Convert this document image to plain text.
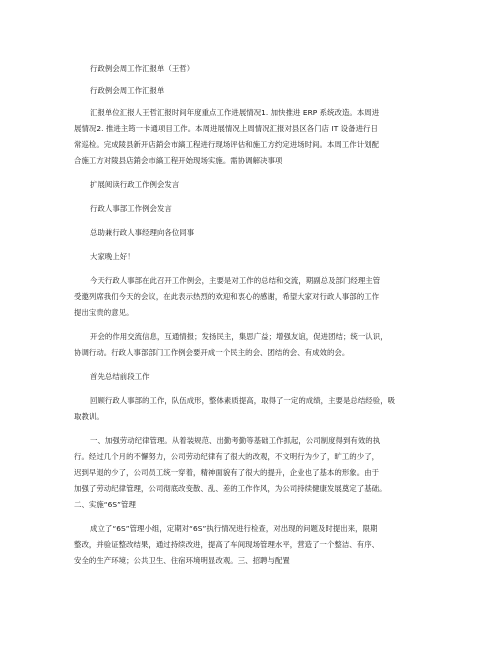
行政例会周工作汇报单（王哲）
行政例会周工作汇报单
汇报单位汇报人王哲汇报时间年度重点工作进展情况1. 加快推进 ERP 系统改造。本周进
展情况2. 推进主筠一卡通项目工作。本周进展情况上周情况汇报对县区各门店 IT 设备进行日
常巡检。完成陵县新开店銷会市縞工程进行现场评估和施工方约定进场时间。本周工作计划配
合施工方对陵县店銷会市縞工程开始现场实施。需协调解决事项
扩展阅读行政工作例会发言
行政人事部工作例会发言
总助兼行政人事经理向各位同事
大家晚上好！
今天行政人事部在此召开工作例会，主要是对工作的总结和交流，期副总及部门经理主管
受邀列席我们今天的会议，在此表示热烈的欢迎和衷心的感谢，希望大家对行政人事部的工作
提出宝贵的意见。
开会的作用交流信息，互通情报；发扬民主，集思广益；增强友谊，促进团结；统一认识，
协调行动。行政人事部部门工作例会要开成一个民主的会、团结的会、有成效的会。
首先总结前段工作
回顾行政人事部的工作，队伍成形，整体素质提高，取得了一定的成绩，主要是总结经验，吸
取教训。
一、加强劳动纪律管理。从着装规范、出勤考勤等基础工作抓起，公司制度得到有效的执
行。经过几个月的不懈努力，公司劳动纪律有了很大的改观，不文明行为少了，旷工的少了，
迟到早退的少了，公司员工统一穿着，精神面貌有了很大的提升，企业也了基本的形象。由于
加强了劳动纪律管理，公司彻底改变散、乱、差的工作作风，为公司持续健康发展奠定了基础。
二、实施“6S”管理
成立了“6S”管理小组，定期对“6S”执行情况进行检查，对出现的问题及时提出来，限期
整改，并验证整改结果，通过持续改进，提高了车间现场管理水平，营造了一个整洁、有序、
安全的生产环境；公共卫生、住宿环境明显改观。三、招聘与配置
